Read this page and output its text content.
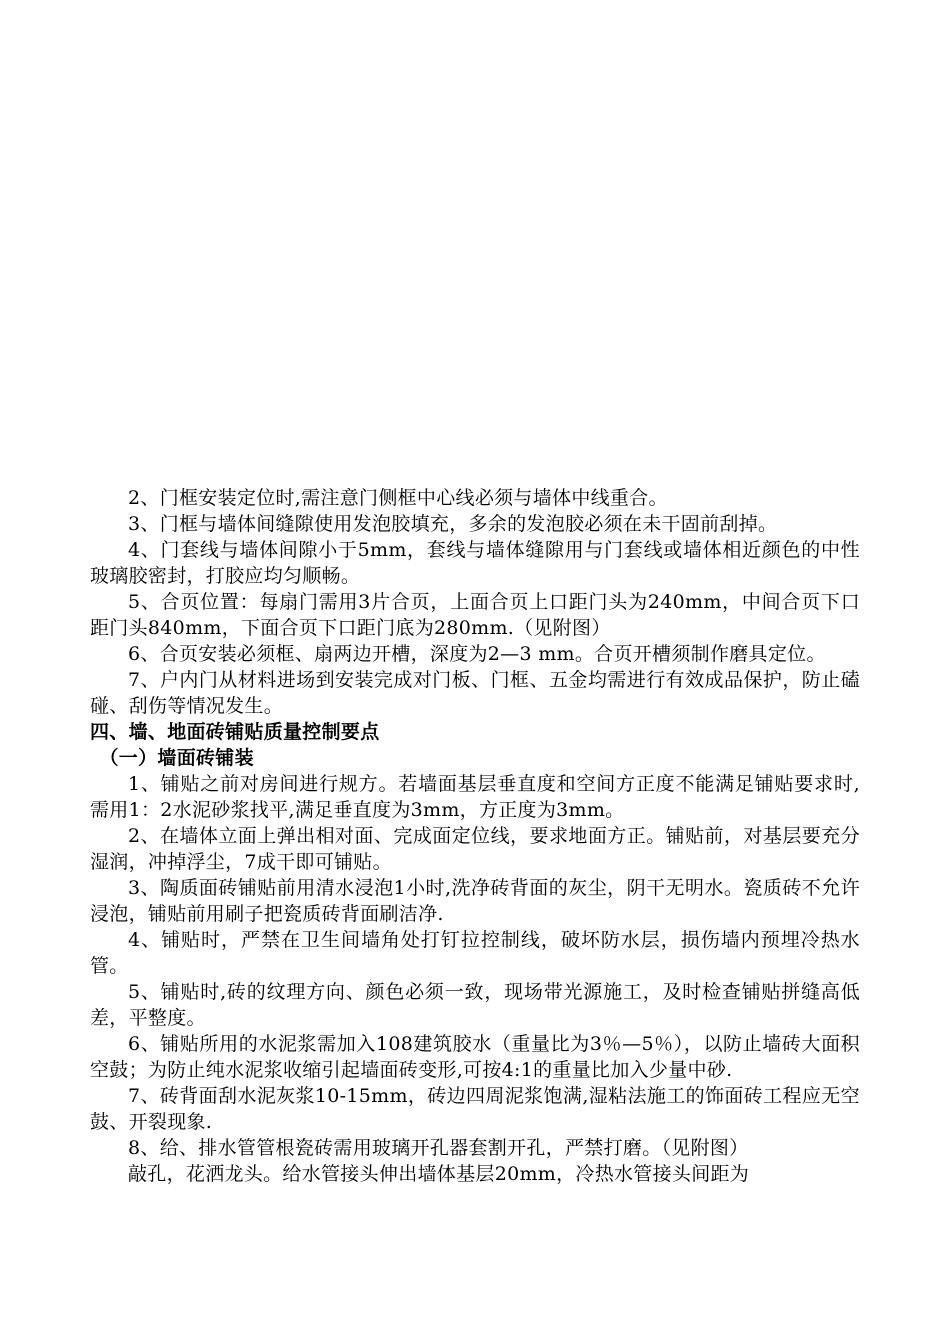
2、门框安装定位时,需注意门侧框中心线必须与墙体中线重合。

3、门框与墙体间缝隙使用发泡胶填充，多余的发泡胶必须在未干固前刮掉。

4、门套线与墙体间隙小于5mm，套线与墙体缝隙用与门套线或墙体相近颜色的中性玻璃胶密封，打胶应均匀顺畅。

5、合页位置：每扇门需用3片合页，上面合页上口距门头为240mm，中间合页下口距门头840mm，下面合页下口距门底为280mm.（见附图）

6、合页安装必须框、扇两边开槽，深度为2—3 mm。合页开槽须制作磨具定位。

7、户内门从材料进场到安装完成对门板、门框、五金均需进行有效成品保护，防止磕碰、刮伤等情况发生。

四、墙、地面砖铺贴质量控制要点

（一）墙面砖铺装

1、铺贴之前对房间进行规方。若墙面基层垂直度和空间方正度不能满足铺贴要求时,需用1：2水泥砂浆找平,满足垂直度为3mm，方正度为3mm。

2、在墙体立面上弹出相对面、完成面定位线，要求地面方正。铺贴前，对基层要充分湿润，冲掉浮尘，7成干即可铺贴。

3、陶质面砖铺贴前用清水浸泡1小时,洗净砖背面的灰尘，阴干无明水。瓷质砖不允许浸泡，铺贴前用刷子把瓷质砖背面刷洁净.

4、铺贴时，严禁在卫生间墙角处打钉拉控制线，破坏防水层，损伤墙内预埋冷热水管。

5、铺贴时,砖的纹理方向、颜色必须一致，现场带光源施工，及时检查铺贴拼缝高低差，平整度。

6、铺贴所用的水泥浆需加入108建筑胶水（重量比为3％—5％），以防止墙砖大面积空鼓；为防止纯水泥浆收缩引起墙面砖变形,可按4:1的重量比加入少量中砂.

7、砖背面刮水泥灰浆10-15mm，砖边四周泥浆饱满,湿粘法施工的饰面砖工程应无空鼓、开裂现象.

8、给、排水管管根瓷砖需用玻璃开孔器套割开孔，严禁打磨。（见附图）

敲孔，花洒龙头。给水管接头伸出墙体基层20mm，冷热水管接头间距为
